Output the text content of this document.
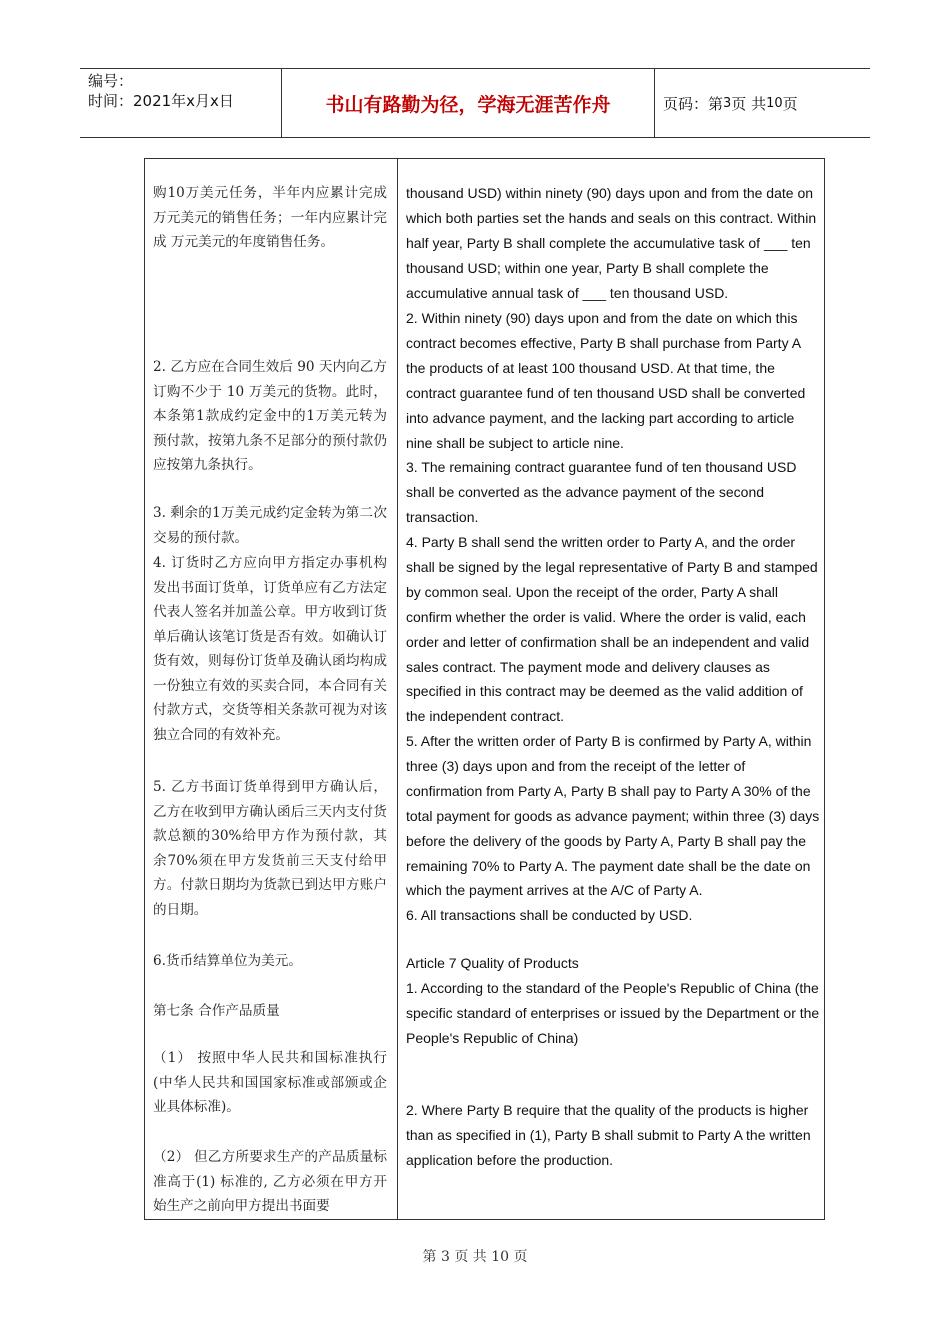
编号：
时间：2021年x月x日	书山有路勤为径，学海无涯苦作舟	页码：第 3 页 共 10 页
购10万美元任务，半年内应累计完成 万元美元的销售任务；一年内应累计完成 万元美元的年度销售任务。
2. 乙方应在合同生效后 90 天内向乙方订购不少于 10 万美元的货物。此时，本条第1款成约定金中的1万美元转为预付款，按第九条不足部分的预付款仍应按第九条执行。
3. 剩余的1万美元成约定金转为第二次交易的预付款。
4. 订货时乙方应向甲方指定办事机构发出书面订货单，订货单应有乙方法定代表人签名并加盖公章。甲方收到订货单后确认该笔订货是否有效。如确认订货有效，则每份订货单及确认函均构成一份独立有效的买卖合同，本合同有关付款方式，交货等相关条款可视为对该独立合同的有效补充。
5. 乙方书面订货单得到甲方确认后，乙方在收到甲方确认函后三天内支付货款总额的30%给甲方作为预付款，其余70%须在甲方发货前三天支付给甲方。付款日期均为货款已到达甲方账户的日期。
6.货币结算单位为美元。
第七条 合作产品质量
（1） 按照中华人民共和国标准执行(中华人民共和国国家标准或部颁或企业具体标准)。
（2） 但乙方所要求生产的产品质量标准高于(1) 标准的, 乙方必须在甲方开始生产之前向甲方提出书面要

thousand USD) within ninety (90) days upon and from the date on which both parties set the hands and seals on this contract. Within half year, Party B shall complete the accumulative task of ___ ten thousand USD; within one year, Party B shall complete the accumulative annual task of ___ ten thousand USD.

2. Within ninety (90) days upon and from the date on which this contract becomes effective, Party B shall purchase from Party A the products of at least 100 thousand USD. At that time, the contract guarantee fund of ten thousand USD shall be converted into advance payment, and the lacking part according to article nine shall be subject to article nine.

3. The remaining contract guarantee fund of ten thousand USD shall be converted as the advance payment of the second transaction.

4. Party B shall send the written order to Party A, and the order shall be signed by the legal representative of Party B and stamped by common seal. Upon the receipt of the order, Party A shall confirm whether the order is valid. Where the order is valid, each order and letter of confirmation shall be an independent and valid sales contract. The payment mode and delivery clauses as specified in this contract may be deemed as the valid addition of the independent contract.

5. After the written order of Party B is confirmed by Party A, within three (3) days upon and from the receipt of the letter of confirmation from Party A, Party B shall pay to Party A 30% of the total payment for goods as advance payment; within three (3) days before the delivery of the goods by Party A, Party B shall pay the remaining 70% to Party A. The payment date shall be the date on which the payment arrives at the A/C of Party A.

6. All transactions shall be conducted by USD.

Article 7 Quality of Products

1. According to the standard of the People's Republic of China (the specific standard of enterprises or issued by the Department or the People's Republic of China)

2. Where Party B require that the quality of the products is higher than as specified in (1), Party B shall submit to Party A the written application before the production.

第 3 页 共 10 页
